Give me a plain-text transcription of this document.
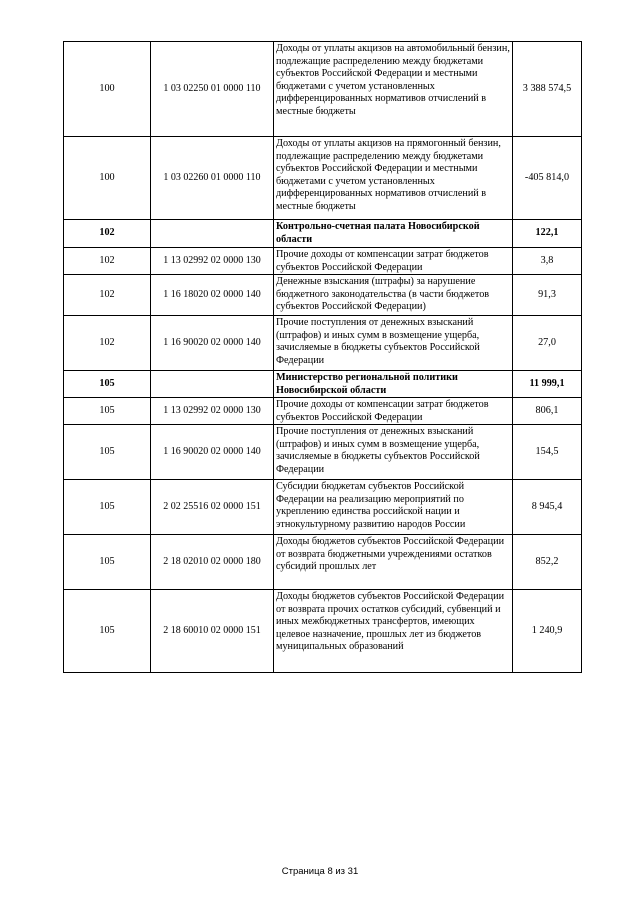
100	1 03 02250 01 0000 110	Доходы от уплаты акцизов на автомобильный бензин, подлежащие распределению между бюджетами субъектов Российской Федерации и местными бюджетами с учетом установленных дифференцированных нормативов отчислений в местные бюджеты	3 388 574,5
100	1 03 02260 01 0000 110	Доходы от уплаты акцизов на прямогонный бензин, подлежащие распределению между бюджетами субъектов Российской Федерации и местными бюджетами с учетом установленных дифференцированных нормативов отчислений в местные бюджеты	-405 814,0
102		Контрольно-счетная палата Новосибирской области	122,1
102	1 13 02992 02 0000 130	Прочие доходы от компенсации затрат бюджетов субъектов Российской Федерации	3,8
102	1 16 18020 02 0000 140	Денежные взыскания (штрафы) за нарушение бюджетного законодательства (в части бюджетов субъектов Российской Федерации)	91,3
102	1 16 90020 02 0000 140	Прочие поступления от денежных взысканий (штрафов) и иных сумм в возмещение ущерба, зачисляемые в бюджеты субъектов Российской Федерации	27,0
105		Министерство региональной политики Новосибирской области	11 999,1
105	1 13 02992 02 0000 130	Прочие доходы от компенсации затрат бюджетов субъектов Российской Федерации	806,1
105	1 16 90020 02 0000 140	Прочие поступления от денежных взысканий (штрафов) и иных сумм в возмещение ущерба, зачисляемые в бюджеты субъектов Российской Федерации	154,5
105	2 02 25516 02 0000 151	Субсидии бюджетам субъектов Российской Федерации на реализацию мероприятий по укреплению единства российской нации и этнокультурному развитию народов России	8 945,4
105	2 18 02010 02 0000 180	Доходы бюджетов субъектов Российской Федерации от возврата бюджетными учреждениями остатков субсидий прошлых лет	852,2
105	2 18 60010 02 0000 151	Доходы бюджетов субъектов Российской Федерации от возврата прочих остатков субсидий, субвенций и иных межбюджетных трансфертов, имеющих целевое назначение, прошлых лет из бюджетов муниципальных образований	1 240,9
Страница 8 из 31
